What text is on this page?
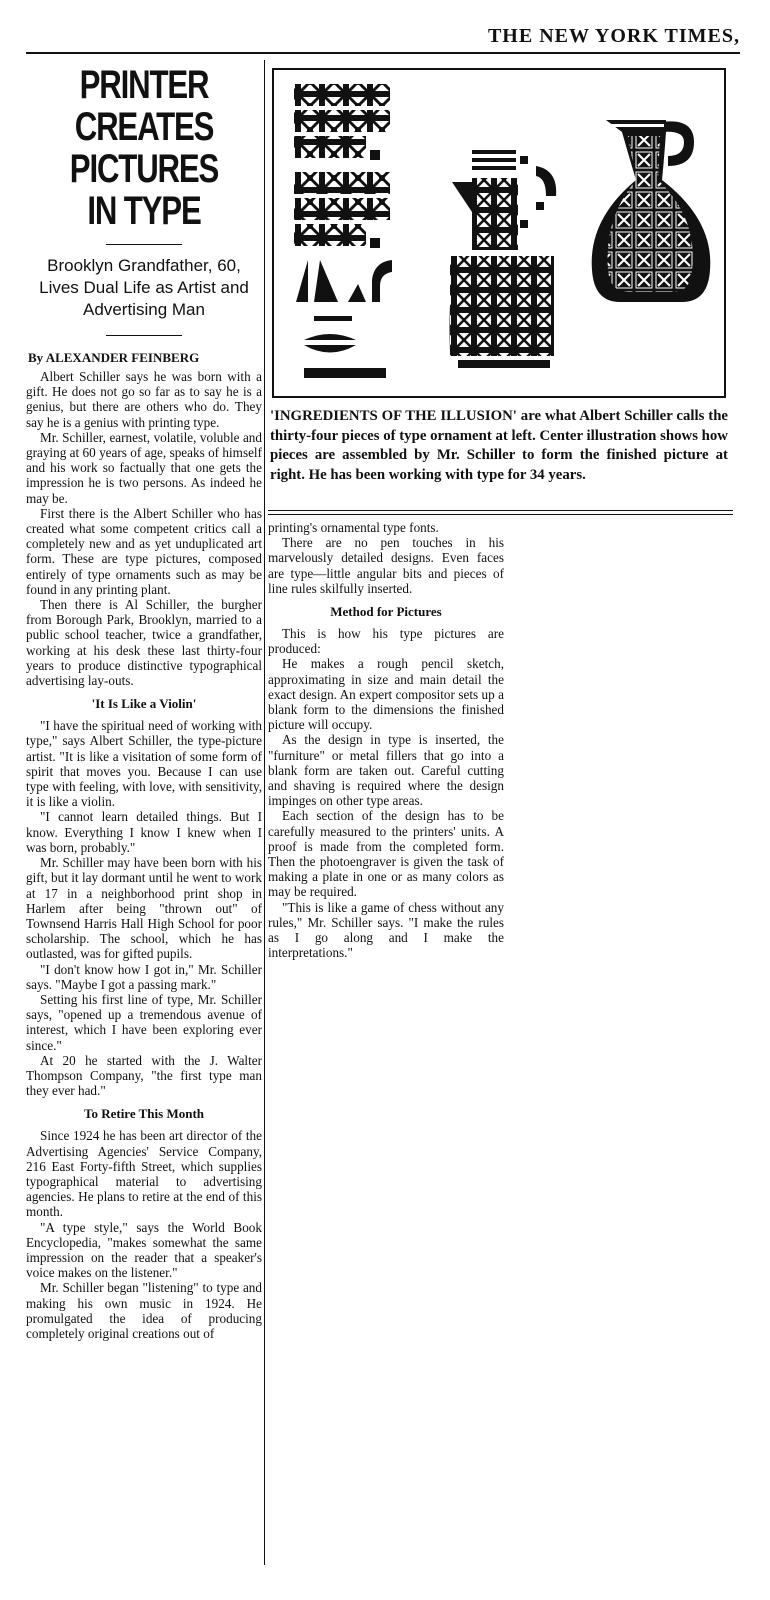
THE NEW YORK TIMES,
PRINTER CREATES PICTURES IN TYPE
Brooklyn Grandfather, 60, Lives Dual Life as Artist and Advertising Man
By ALEXANDER FEINBERG

Albert Schiller says he was born with a gift. He does not go so far as to say he is a genius, but there are others who do. They say he is a genius with printing type.

Mr. Schiller, earnest, volatile, voluble and graying at 60 years of age, speaks of himself and his work so factually that one gets the impression he is two persons. As indeed he may be.

First there is the Albert Schiller who has created what some competent critics call a completely new and as yet unduplicated art form. These are type pictures, composed entirely of type ornaments such as may be found in any printing plant.

Then there is Al Schiller, the burgher from Borough Park, Brooklyn, married to a public school teacher, twice a grandfather, working at his desk these last thirty-four years to produce distinctive typographical advertising lay-outs.

'It Is Like a Violin'

"I have the spiritual need of working with type," says Albert Schiller, the type-picture artist. "It is like a visitation of some form of spirit that moves you. Because I can use type with feeling, with love, with sensitivity, it is like a violin.

"I cannot learn detailed things. But I know. Everything I know I knew when I was born, probably."

Mr. Schiller may have been born with his gift, but it lay dormant until he went to work at 17 in a neighborhood print shop in Harlem after being "thrown out" of Townsend Harris Hall High School for poor scholarship. The school, which he has outlasted, was for gifted pupils.

"I don't know how I got in," Mr. Schiller says. "Maybe I got a passing mark."

Setting his first line of type, Mr. Schiller says, "opened up a tremendous avenue of interest, which I have been exploring ever since."

At 20 he started with the J. Walter Thompson Company, "the first type man they ever had."

To Retire This Month

Since 1924 he has been art director of the Advertising Agencies' Service Company, 216 East Forty-fifth Street, which supplies typographical material to advertising agencies. He plans to retire at the end of this month.

"A type style," says the World Book Encyclopedia, "makes somewhat the same impression on the reader that a speaker's voice makes on the listener."

Mr. Schiller began "listening" to type and making his own music in 1924. He promulgated the idea of producing completely original creations out of

'INGREDIENTS OF THE ILLUSION' are what Albert Schiller calls the thirty-four pieces of type ornament at left. Center illustration shows how pieces are assembled by Mr. Schiller to form the finished picture at right. He has been working with type for 34 years.

printing's ornamental type fonts.

There are no pen touches in his marvelously detailed designs. Even faces are type—little angular bits and pieces of line rules skilfully inserted.

Method for Pictures

This is how his type pictures are produced:

He makes a rough pencil sketch, approximating in size and main detail the exact design. An expert compositor sets up a blank form to the dimensions the finished picture will occupy.

As the design in type is inserted, the "furniture" or metal fillers that go into a blank form are taken out. Careful cutting and shaving is required where the design impinges on other type areas.

Each section of the design has to be carefully measured to the printers' units. A proof is made from the completed form. Then the photoengraver is given the task of making a plate in one or as many colors as may be required.

"This is like a game of chess without any rules," Mr. Schiller says. "I make the rules as I go along and I make the interpretations."
